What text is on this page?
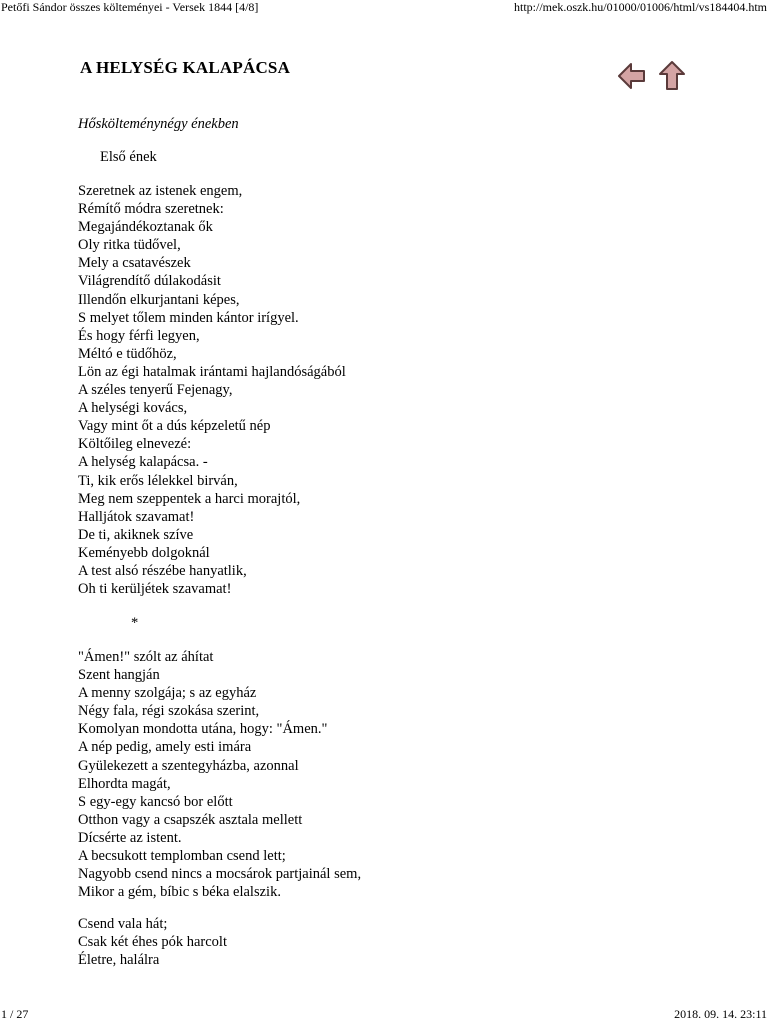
Petőfi Sándor összes költeményei - Versek 1844 [4/8]	http://mek.oszk.hu/01000/01006/html/vs184404.htm
A HELYSÉG KALAPÁCSA
Hőskölteménynégy énekben
Első ének
Szeretnek az istenek engem,
Rémítő módra szeretnek:
Megajándékoztanak ők
Oly ritka tüdővel,
Mely a csatavészek
Világrendítő dúlakodásit
Illendőn elkurjantani képes,
S melyet tőlem minden kántor irígyel.
És hogy férfi legyen,
Méltó e tüdőhöz,
Lön az égi hatalmak irántami hajlandóságából
A széles tenyerű Fejenagy,
A helységi kovács,
Vagy mint őt a dús képzeletű nép
Költőileg elnevezé:
A helység kalapácsa. -
Ti, kik erős lélekkel birván,
Meg nem szeppentek a harci morajtól,
Halljátok szavamat!
De ti, akiknek szíve
Keményebb dolgoknál
A test alsó részébe hanyatlik,
Oh ti kerüljétek szavamat!
*
"Ámen!" szólt az áhítat
Szent hangján
A menny szolgája; s az egyház
Négy fala, régi szokása szerint,
Komolyan mondotta utána, hogy: "Ámen."
A nép pedig, amely esti imára
Gyülekezett a szentegyházba, azonnal
Elhordta magát,
S egy-egy kancsó bor előtt
Otthon vagy a csapszék asztala mellett
Dícsérte az istent.
A becsukott templomban csend lett;
Nagyobb csend nincs a mocsárok partjainál sem,
Mikor a gém, bíbic s béka elalszik.
Csend vala hát;
Csak két éhes pók harcolt
Életre, halálra
1 / 27	2018. 09. 14. 23:11
